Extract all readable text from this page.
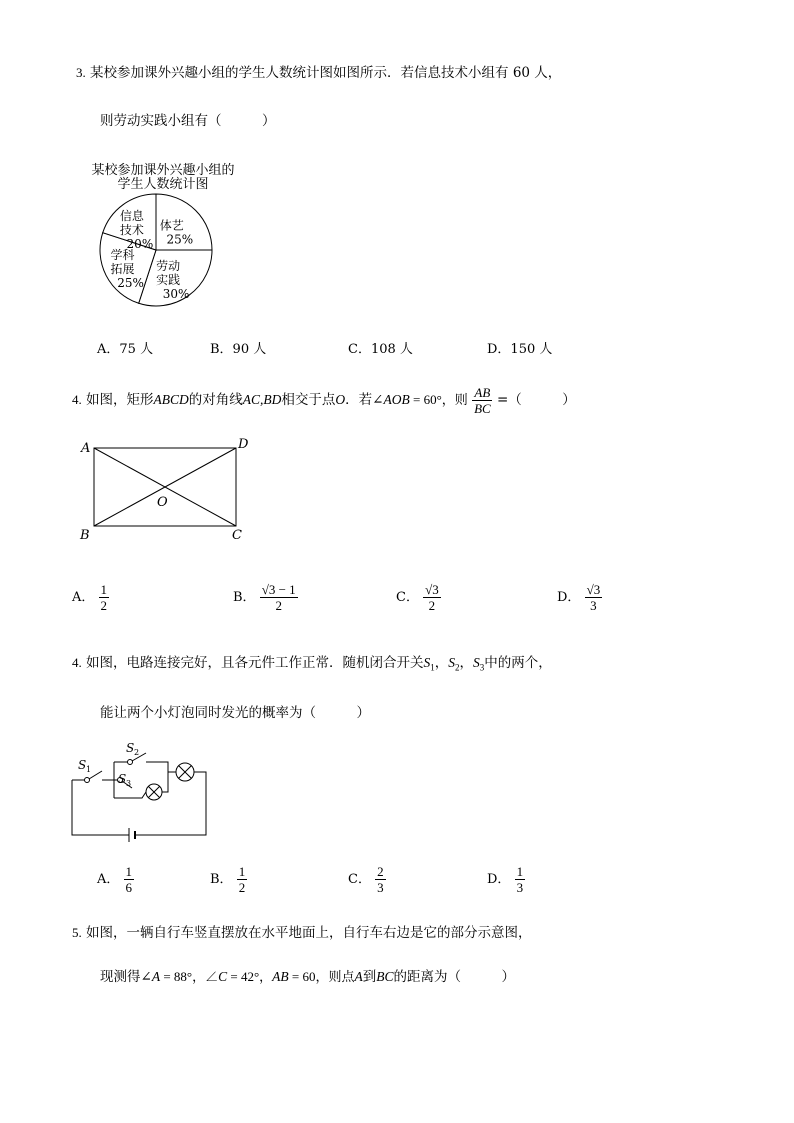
3. 某校参加课外兴趣小组的学生人数统计图如图所示．若信息技术小组有 60 人，
则劳动实践小组有（　　　）
某校参加课外兴趣小组的
学生人数统计图
体艺
25%
劳动
实践
30%
学科
拓展
25%
信息
技术
20%
A．75 人	B．90 人	C．108 人	D．150 人
4. 如图，矩形ABCD的对角线AC,BD相交于点O．若∠AOB = 60°，则 $\frac{AB}{BC}$ =（　　　）
A	D
B	C
O
A． $\frac{1}{2}$	B． $\frac{√3 - 1}{2}$	C． $\frac{√3}{2}$	D． $\frac{√3}{3}$
4. 如图，电路连接完好，且各元件工作正常．随机闭合开关$S_1$，$S_2$，$S_3$中的两个，
能让两个小灯泡同时发光的概率为（　　　）
S 1
S 2
S 3
A． $\frac{1}{6}$	B． $\frac{1}{2}$	C． $\frac{2}{3}$	D． $\frac{1}{3}$
5. 如图，一辆自行车竖直摆放在水平地面上，自行车右边是它的部分示意图，
现测得∠A = 88°，∠C = 42°，AB = 60，则点A到BC的距离为（　　　）
